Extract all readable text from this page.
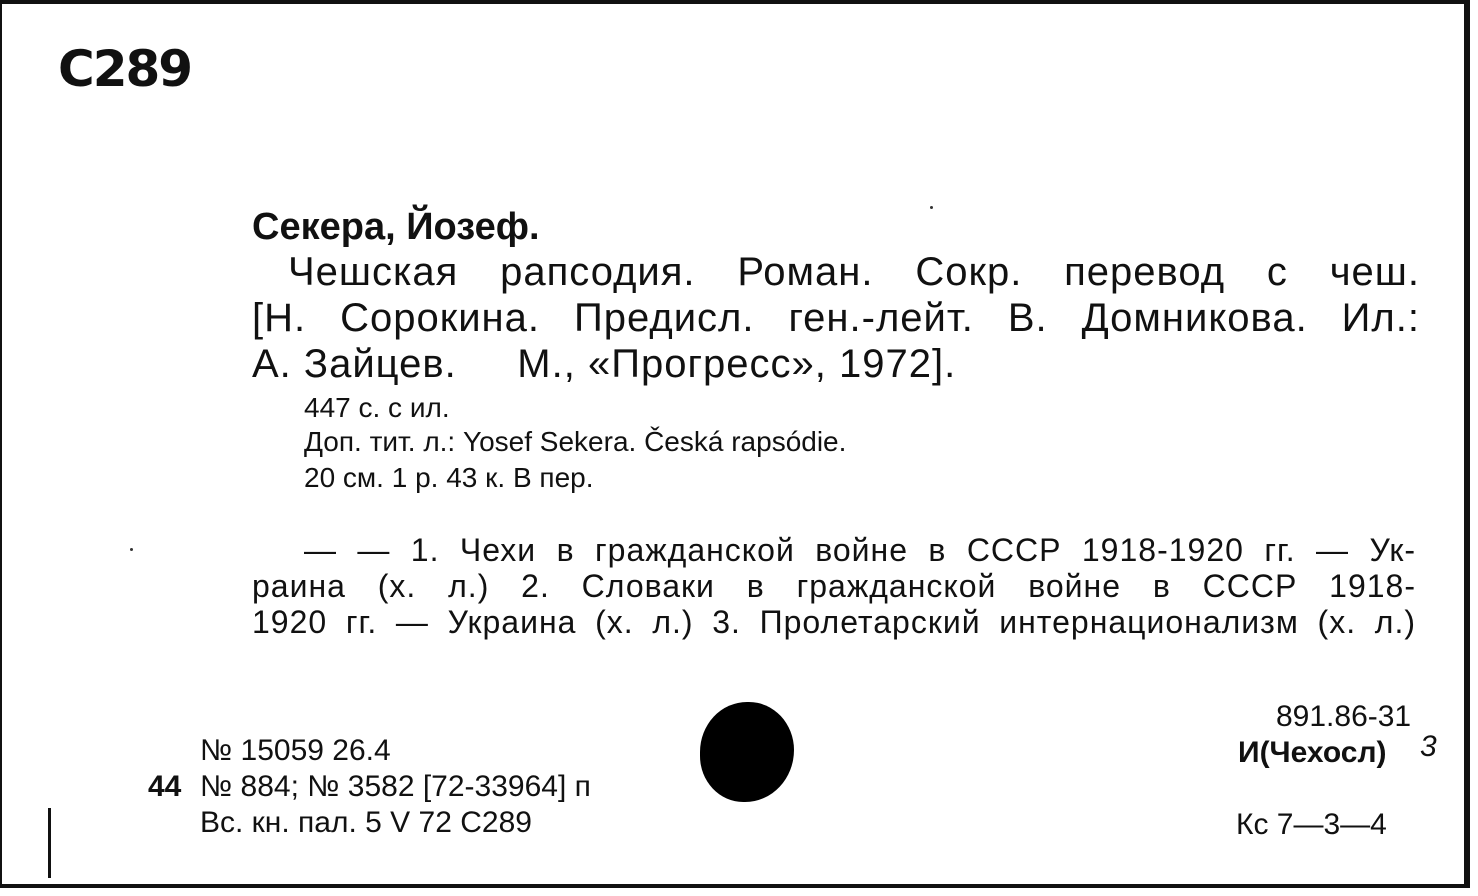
С289
Секера, Йозеф.
Чешская рапсодия. Роман. Сокр. перевод с чеш.
[Н. Сорокина. Предисл. ген.-лейт. В. Домникова. Ил.:
А. Зайцев.     М., «Прогресс», 1972].
447 с. с ил.
Доп. тит. л.: Yosef Sekera. Česká rapsódie.
20 см. 1 р. 43 к. В пер.
— — 1. Чехи в гражданской войне в СССР 1918-1920 гг. — Ук-
раина (х. л.) 2. Словаки в гражданской войне в СССР 1918-
1920 гг. — Украина (х. л.) 3. Пролетарский интернационализм (х. л.)
№ 15059 26.4
44 № 884; № 3582 [72-33964] п
Вс. кн. пал. 5 V 72 С289
891.86-31
И(Чехосл) 3
Кс 7—3—4
